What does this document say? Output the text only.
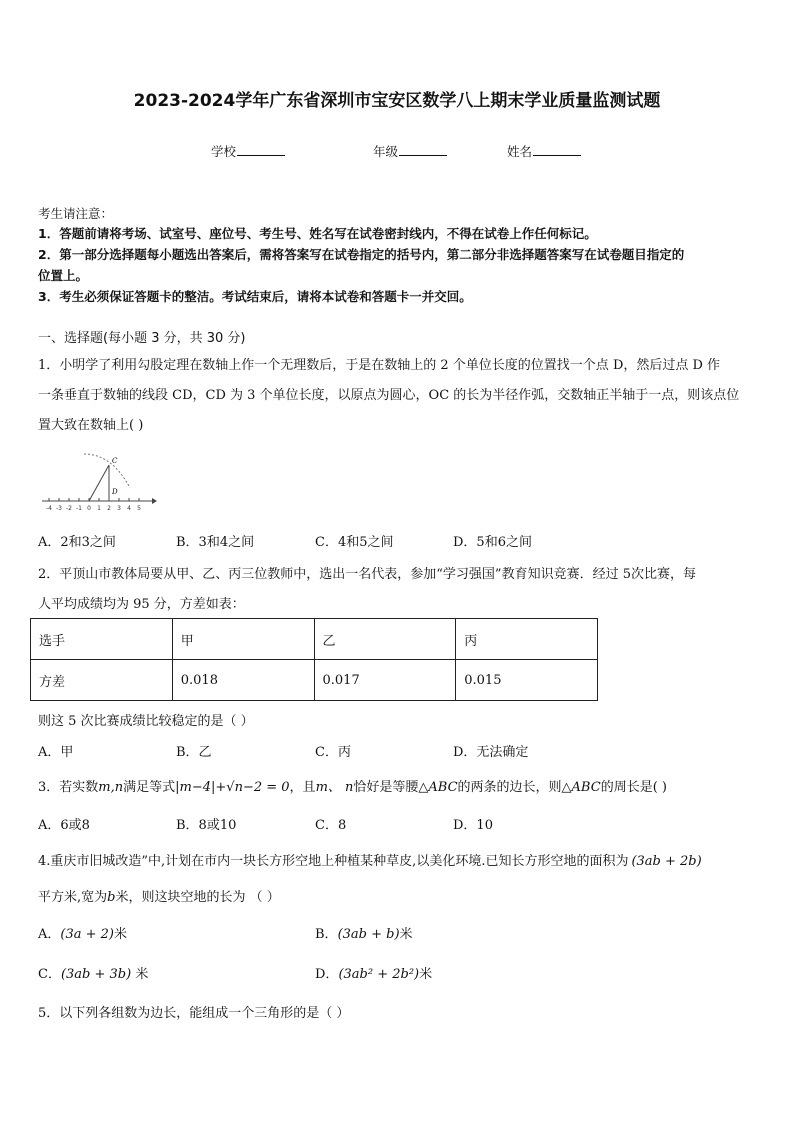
2023-2024学年广东省深圳市宝安区数学八上期末学业质量监测试题
学校	年级	姓名
考生请注意：
1．答题前请将考场、试室号、座位号、考生号、姓名写在试卷密封线内，不得在试卷上作任何标记。
2．第一部分选择题每小题选出答案后，需将答案写在试卷指定的括号内，第二部分非选择题答案写在试卷题目指定的
位置上。
3．考生必须保证答题卡的整洁。考试结束后，请将本试卷和答题卡一并交回。
一、选择题(每小题 3 分，共 30 分)
1．小明学了利用勾股定理在数轴上作一个无理数后，于是在数轴上的 2 个单位长度的位置找一个点 D，然后过点 D 作
一条垂直于数轴的线段 CD，CD 为 3 个单位长度，以原点为圆心，OC 的长为半径作弧，交数轴正半轴于一点，则该点位
置大致在数轴上( )
C
D
-4 -3 -2 -1 0 1 2 3 4 5
A．2和3之间	B．3和4之间	C．4和5之间	D．5和6之间
2．平顶山市教体局要从甲、乙、丙三位教师中，选出一名代表，参加“学习强国”教育知识竞赛．经过 5次比赛，每
人平均成绩均为 95 分，方差如表：
选手	甲	乙	丙
方差	0.018	0.017	0.015
则这 5 次比赛成绩比较稳定的是（ ）
A．甲	B．乙	C．丙	D．无法确定
3．若实数m,n满足等式|m−4|+√n−2 = 0，且m、 n恰好是等腰△ABC的两条的边长，则△ABC的周长是( )
A．6或8	B．8或10	C．8	D．10
4.重庆市旧城改造”中,计划在市内一块长方形空地上种植某种草皮,以美化环境.已知长方形空地的面积为 (3ab + 2b)
平方米,宽为b米，则这块空地的长为 （ ）
A．(3a + 2)米	B．(3ab + b)米
C．(3ab + 3b) 米	D．(3ab² + 2b²)米
5．以下列各组数为边长，能组成一个三角形的是（ ）
